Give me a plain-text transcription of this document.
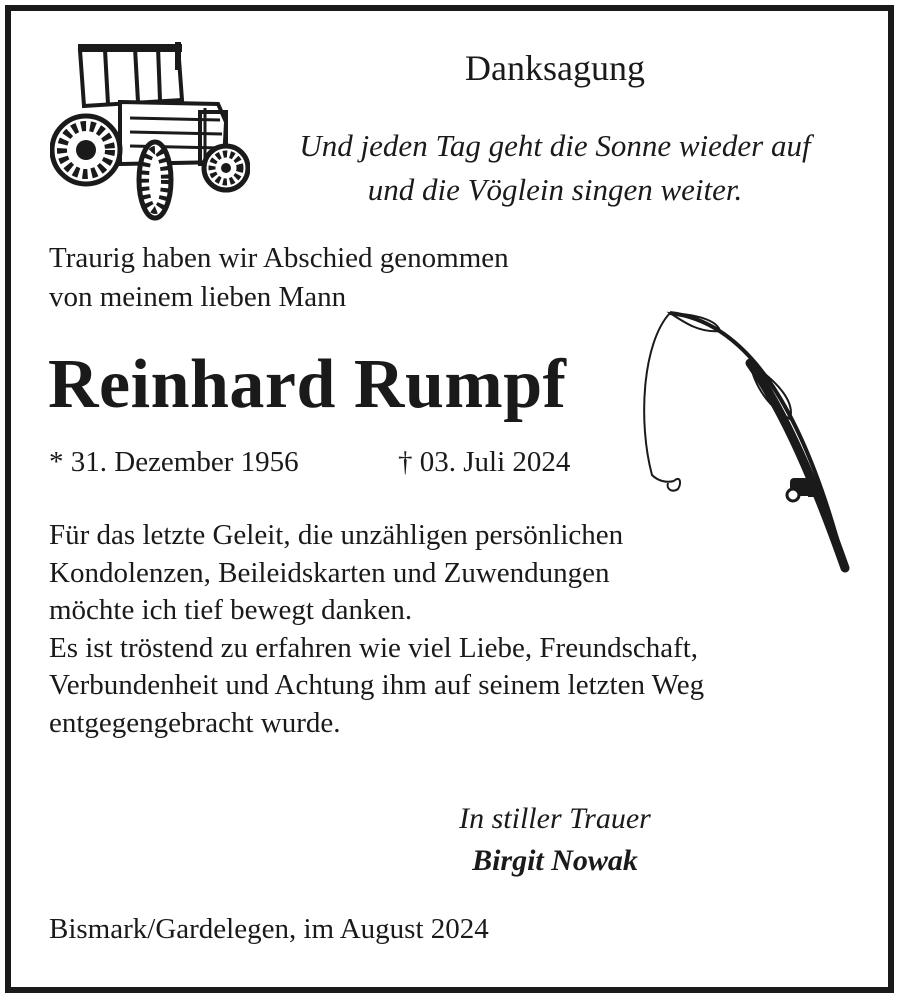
Danksagung
Und jeden Tag geht die Sonne wieder auf
und die Vöglein singen weiter.
Traurig haben wir Abschied genommen
von meinem lieben Mann
Reinhard Rumpf
* 31. Dezember 1956	† 03. Juli 2024
Für das letzte Geleit, die unzähligen persönlichen
Kondolenzen, Beileidskarten und Zuwendungen
möchte ich tief bewegt danken.
Es ist tröstend zu erfahren wie viel Liebe, Freundschaft,
Verbundenheit und Achtung ihm auf seinem letzten Weg
entgegengebracht wurde.
In stiller Trauer
Birgit Nowak
Bismark/Gardelegen, im August 2024
